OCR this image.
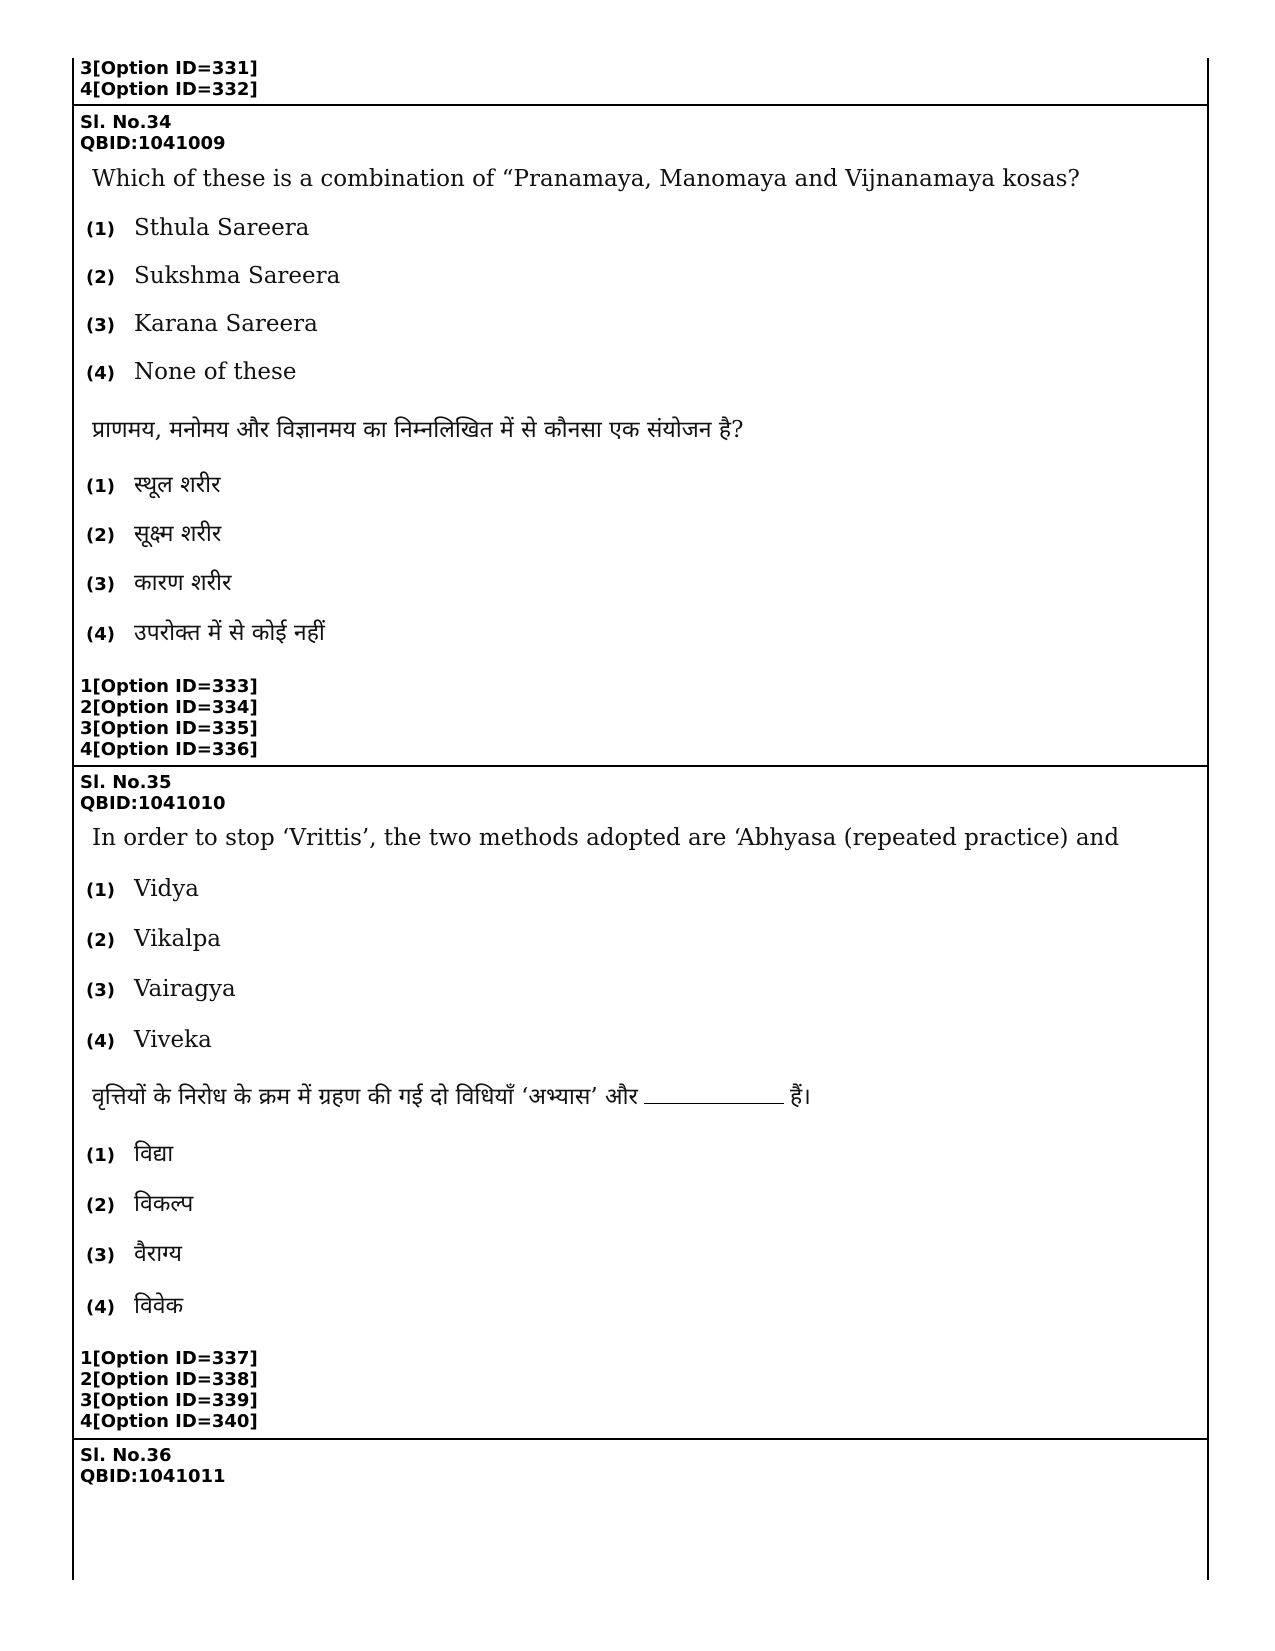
3[Option ID=331]
4[Option ID=332]
Sl. No.34
QBID:1041009
Which of these is a combination of “Pranamaya, Manomaya and Vijnanamaya kosas?
(1) Sthula Sareera
(2) Sukshma Sareera
(3) Karana Sareera
(4) None of these
प्राणमय, मनोमय और विज्ञानमय का निम्नलिखित में से कौनसा एक संयोजन है?
(1) स्थूल शरीर
(2) सूक्ष्म शरीर
(3) कारण शरीर
(4) उपरोक्त में से कोई नहीं
1[Option ID=333]
2[Option ID=334]
3[Option ID=335]
4[Option ID=336]
Sl. No.35
QBID:1041010
In order to stop ‘Vrittis’, the two methods adopted are ‘Abhyasa (repeated practice) and
(1) Vidya
(2) Vikalpa
(3) Vairagya
(4) Viveka
वृत्तियों के निरोध के क्रम में ग्रहण की गई दो विधियाँ ‘अभ्यास’ और	हैं।
(1) विद्या
(2) विकल्प
(3) वैराग्य
(4) विवेक
1[Option ID=337]
2[Option ID=338]
3[Option ID=339]
4[Option ID=340]
Sl. No.36
QBID:1041011
